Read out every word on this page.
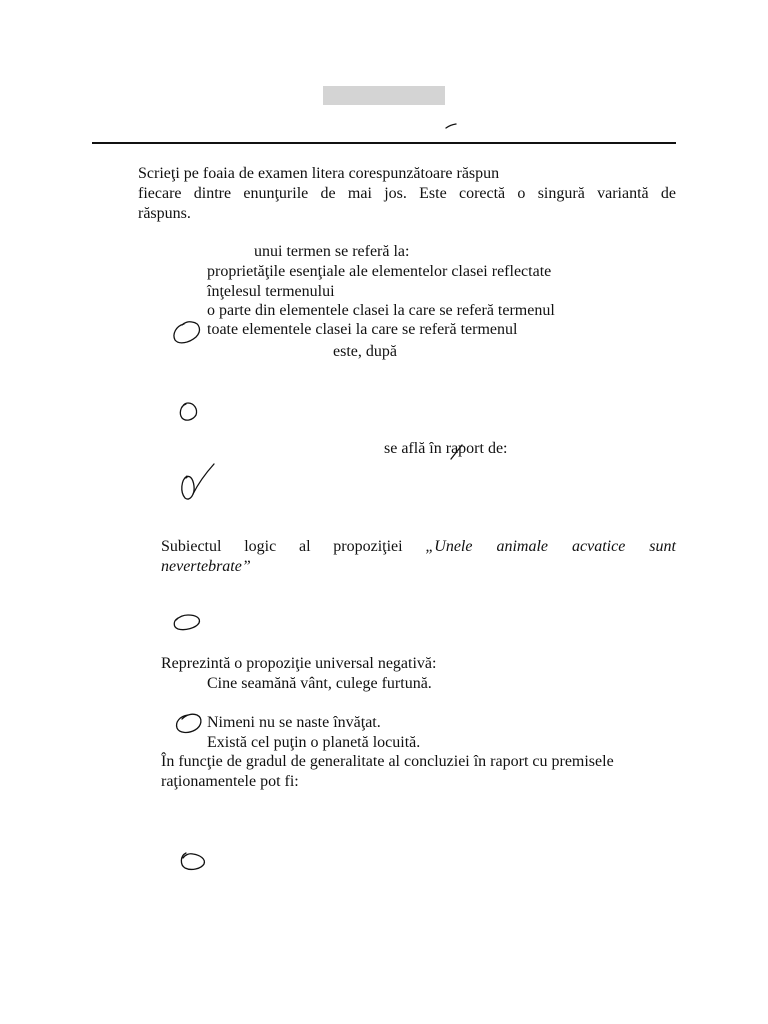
Scrieţi pe foaia de examen litera corespunzătoare răspun
fiecare dintre enunţurile de mai jos. Este corectă o singură variantă de
răspuns.
unui termen se referă la:
proprietăţile esenţiale ale elementelor clasei reflectate
înţelesul termenului
o parte din elementele clasei la care se referă termenul
toate elementele clasei la care se referă termenul
este, după
se află în raport de:
Subiectul logic al propoziţiei „Unele animale acvatice sunt
nevertebrate”
Reprezintă o propoziţie universal negativă:
Cine seamănă vânt, culege furtună.
Nimeni nu se naste învăţat.
Există cel puţin o planetă locuită.
În funcţie de gradul de generalitate al concluziei în raport cu premisele
raţionamentele pot fi:
